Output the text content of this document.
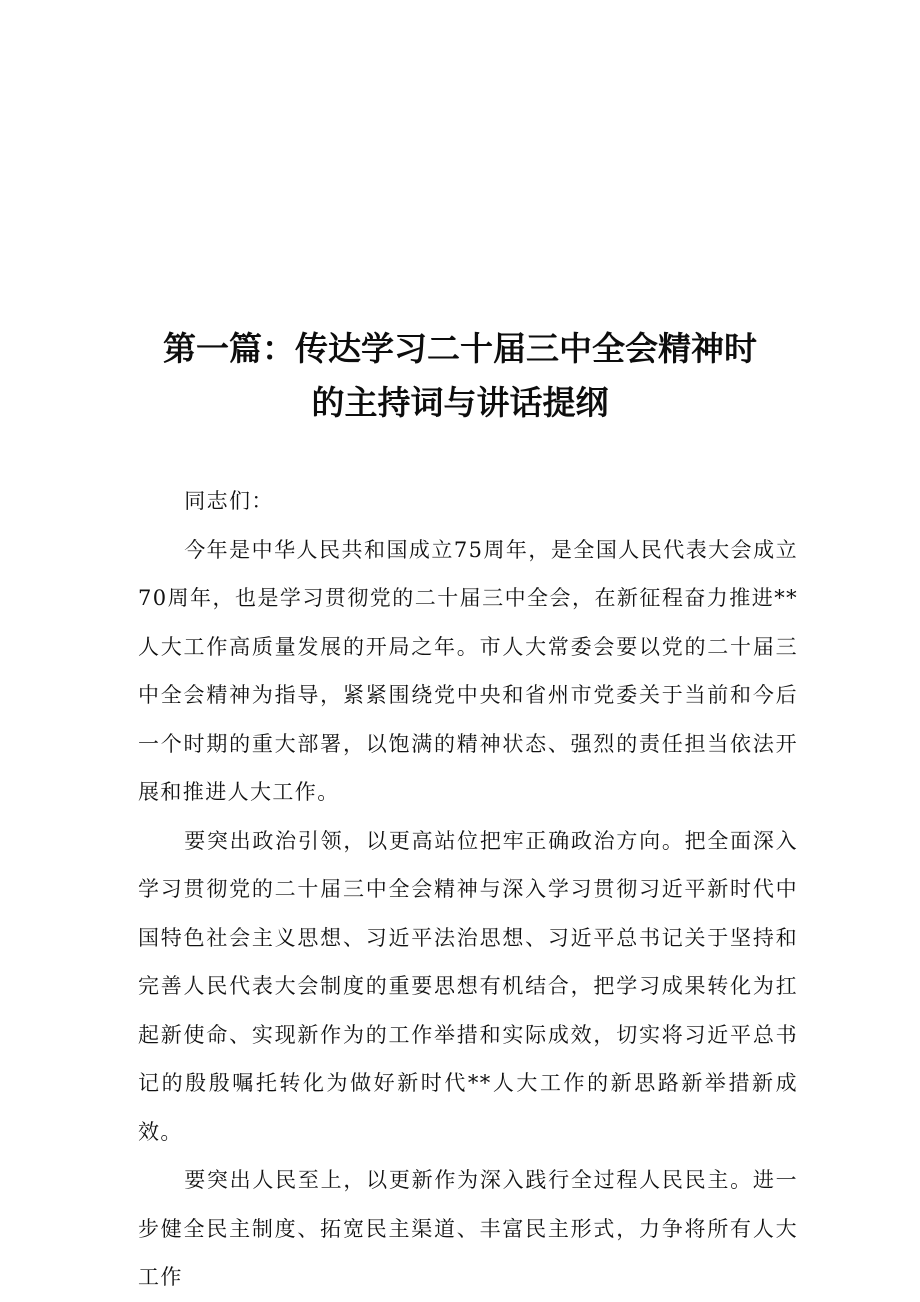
第一篇：传达学习二十届三中全会精神时
的主持词与讲话提纲

同志们：

今年是中华人民共和国成立75周年，是全国人民代表大会成立70周年，也是学习贯彻党的二十届三中全会，在新征程奋力推进**人大工作高质量发展的开局之年。市人大常委会要以党的二十届三中全会精神为指导，紧紧围绕党中央和省州市党委关于当前和今后一个时期的重大部署，以饱满的精神状态、强烈的责任担当依法开展和推进人大工作。

要突出政治引领，以更高站位把牢正确政治方向。把全面深入学习贯彻党的二十届三中全会精神与深入学习贯彻习近平新时代中国特色社会主义思想、习近平法治思想、习近平总书记关于坚持和完善人民代表大会制度的重要思想有机结合，把学习成果转化为扛起新使命、实现新作为的工作举措和实际成效，切实将习近平总书记的殷殷嘱托转化为做好新时代**人大工作的新思路新举措新成效。

要突出人民至上，以更新作为深入践行全过程人民民主。进一步健全民主制度、拓宽民主渠道、丰富民主形式，力争将所有人大工作
